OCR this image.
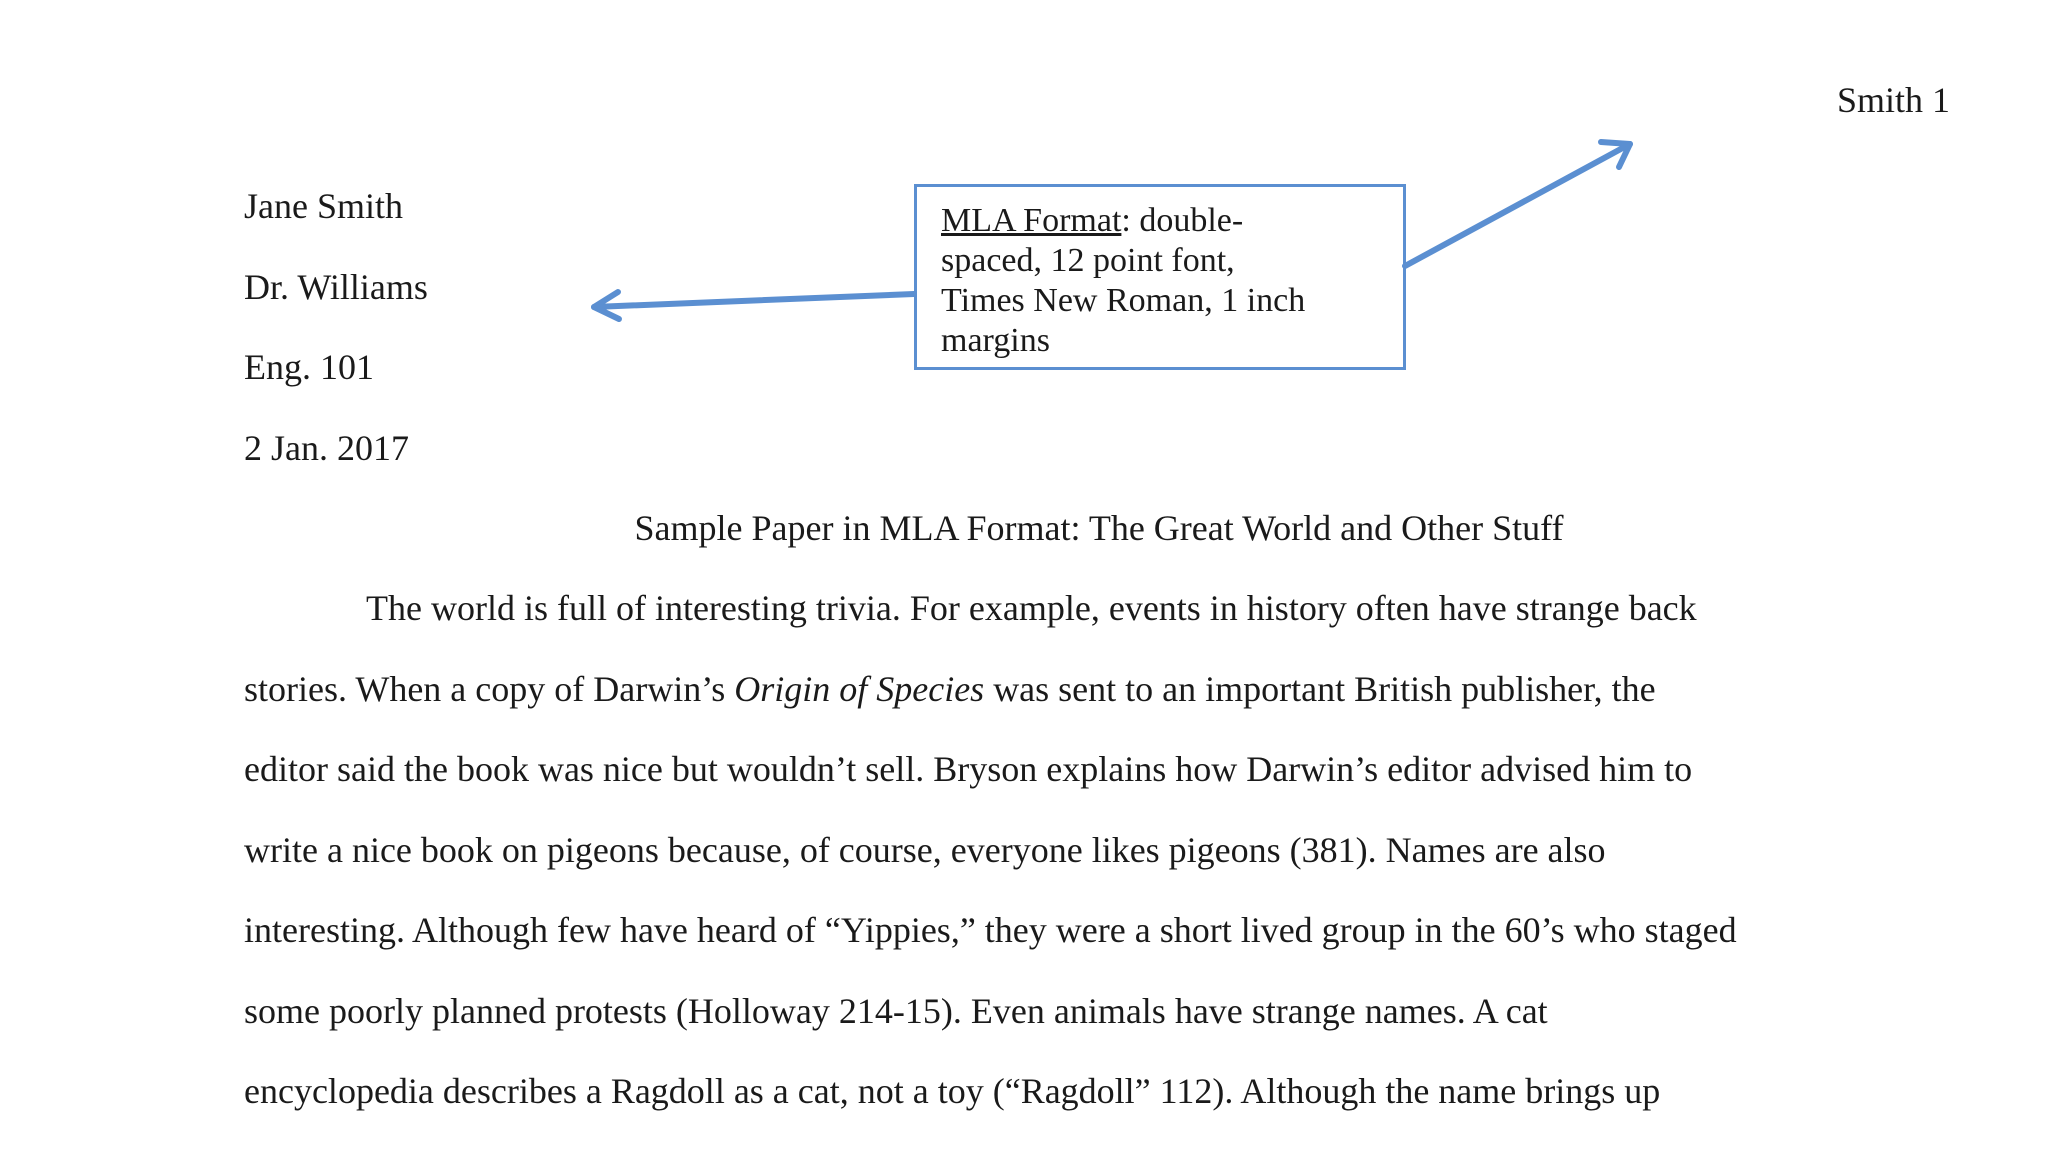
Smith 1
Jane Smith
Dr. Williams
Eng. 101
2 Jan. 2017
MLA Format: double-
spaced, 12 point font,
Times New Roman, 1 inch
margins
Sample Paper in MLA Format: The Great World and Other Stuff
The world is full of interesting trivia. For example, events in history often have strange back
stories. When a copy of Darwin’s Origin of Species was sent to an important British publisher, the
editor said the book was nice but wouldn’t sell. Bryson explains how Darwin’s editor advised him to
write a nice book on pigeons because, of course, everyone likes pigeons (381). Names are also
interesting. Although few have heard of “Yippies,” they were a short lived group in the 60’s who staged
some poorly planned protests (Holloway 214-15). Even animals have strange names. A cat
encyclopedia describes a Ragdoll as a cat, not a toy (“Ragdoll” 112). Although the name brings up
